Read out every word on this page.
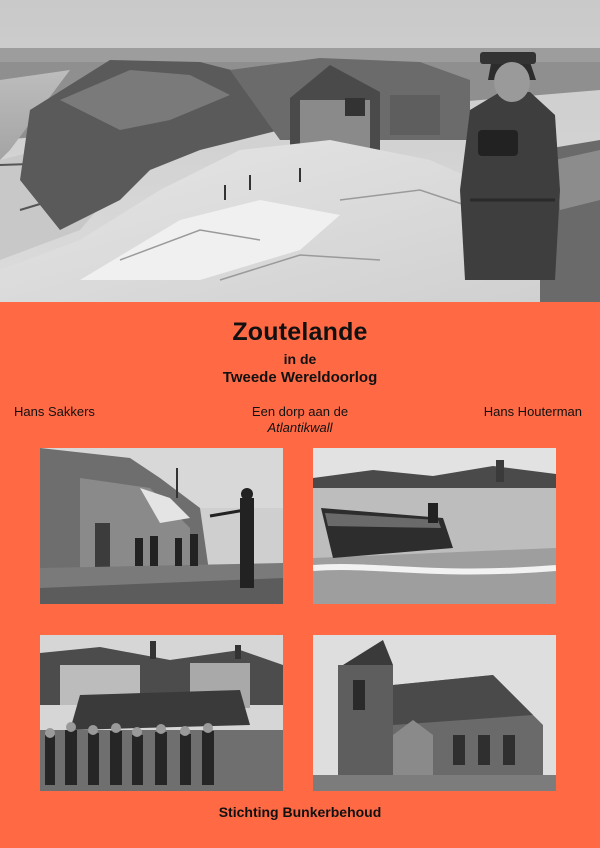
Zoutelande
in de
Tweede Wereldoorlog
Hans Sakkers	Een dorp aan de
Atlantikwall
Hans Houterman
Stichting Bunkerbehoud
